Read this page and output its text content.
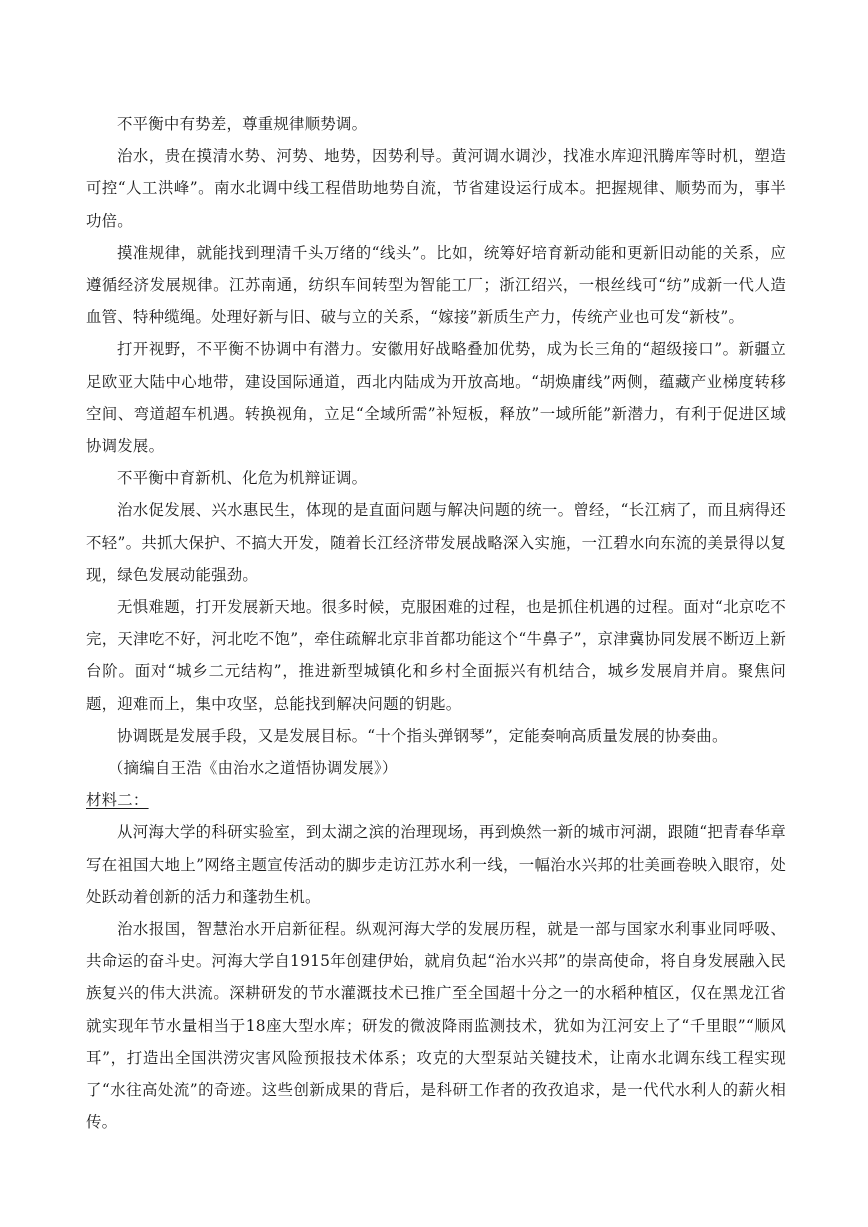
不平衡中有势差，尊重规律顺势调。

治水，贵在摸清水势、河势、地势，因势利导。黄河调水调沙，找准水库迎汛腾库等时机，塑造可控“人工洪峰”。南水北调中线工程借助地势自流，节省建设运行成本。把握规律、顺势而为，事半功倍。

摸准规律，就能找到理清千头万绪的“线头”。比如，统筹好培育新动能和更新旧动能的关系，应遵循经济发展规律。江苏南通，纺织车间转型为智能工厂；浙江绍兴，一根丝线可“纺”成新一代人造血管、特种缆绳。处理好新与旧、破与立的关系，“嫁接”新质生产力，传统产业也可发“新枝”。

打开视野，不平衡不协调中有潜力。安徽用好战略叠加优势，成为长三角的“超级接口”。新疆立足欧亚大陆中心地带，建设国际通道，西北内陆成为开放高地。“胡焕庸线”两侧，蕴藏产业梯度转移空间、弯道超车机遇。转换视角，立足“全域所需”补短板，释放”一域所能”新潜力，有利于促进区域协调发展。

不平衡中育新机、化危为机辩证调。

治水促发展、兴水惠民生，体现的是直面问题与解决问题的统一。曾经，“长江病了，而且病得还不轻”。共抓大保护、不搞大开发，随着长江经济带发展战略深入实施，一江碧水向东流的美景得以复现，绿色发展动能强劲。

无惧难题，打开发展新天地。很多时候，克服困难的过程，也是抓住机遇的过程。面对“北京吃不完，天津吃不好，河北吃不饱”，牵住疏解北京非首都功能这个“牛鼻子”，京津冀协同发展不断迈上新台阶。面对“城乡二元结构”，推进新型城镇化和乡村全面振兴有机结合，城乡发展肩并肩。聚焦问题，迎难而上，集中攻坚，总能找到解决问题的钥匙。

协调既是发展手段，又是发展目标。“十个指头弹钢琴”，定能奏响高质量发展的协奏曲。

（摘编自王浩《由治水之道悟协调发展》）

材料二：

从河海大学的科研实验室，到太湖之滨的治理现场，再到焕然一新的城市河湖，跟随“把青春华章写在祖国大地上”网络主题宣传活动的脚步走访江苏水利一线，一幅治水兴邦的壮美画卷映入眼帘，处处跃动着创新的活力和蓬勃生机。

治水报国，智慧治水开启新征程。纵观河海大学的发展历程，就是一部与国家水利事业同呼吸、共命运的奋斗史。河海大学自1915年创建伊始，就肩负起“治水兴邦”的崇高使命，将自身发展融入民族复兴的伟大洪流。深耕研发的节水灌溉技术已推广至全国超十分之一的水稻种植区，仅在黑龙江省就实现年节水量相当于18座大型水库；研发的微波降雨监测技术，犹如为江河安上了“千里眼”“顺风耳”，打造出全国洪涝灾害风险预报技术体系；攻克的大型泵站关键技术，让南水北调东线工程实现了“水往高处流”的奇迹。这些创新成果的背后，是科研工作者的孜孜追求，是一代代水利人的薪火相传。
